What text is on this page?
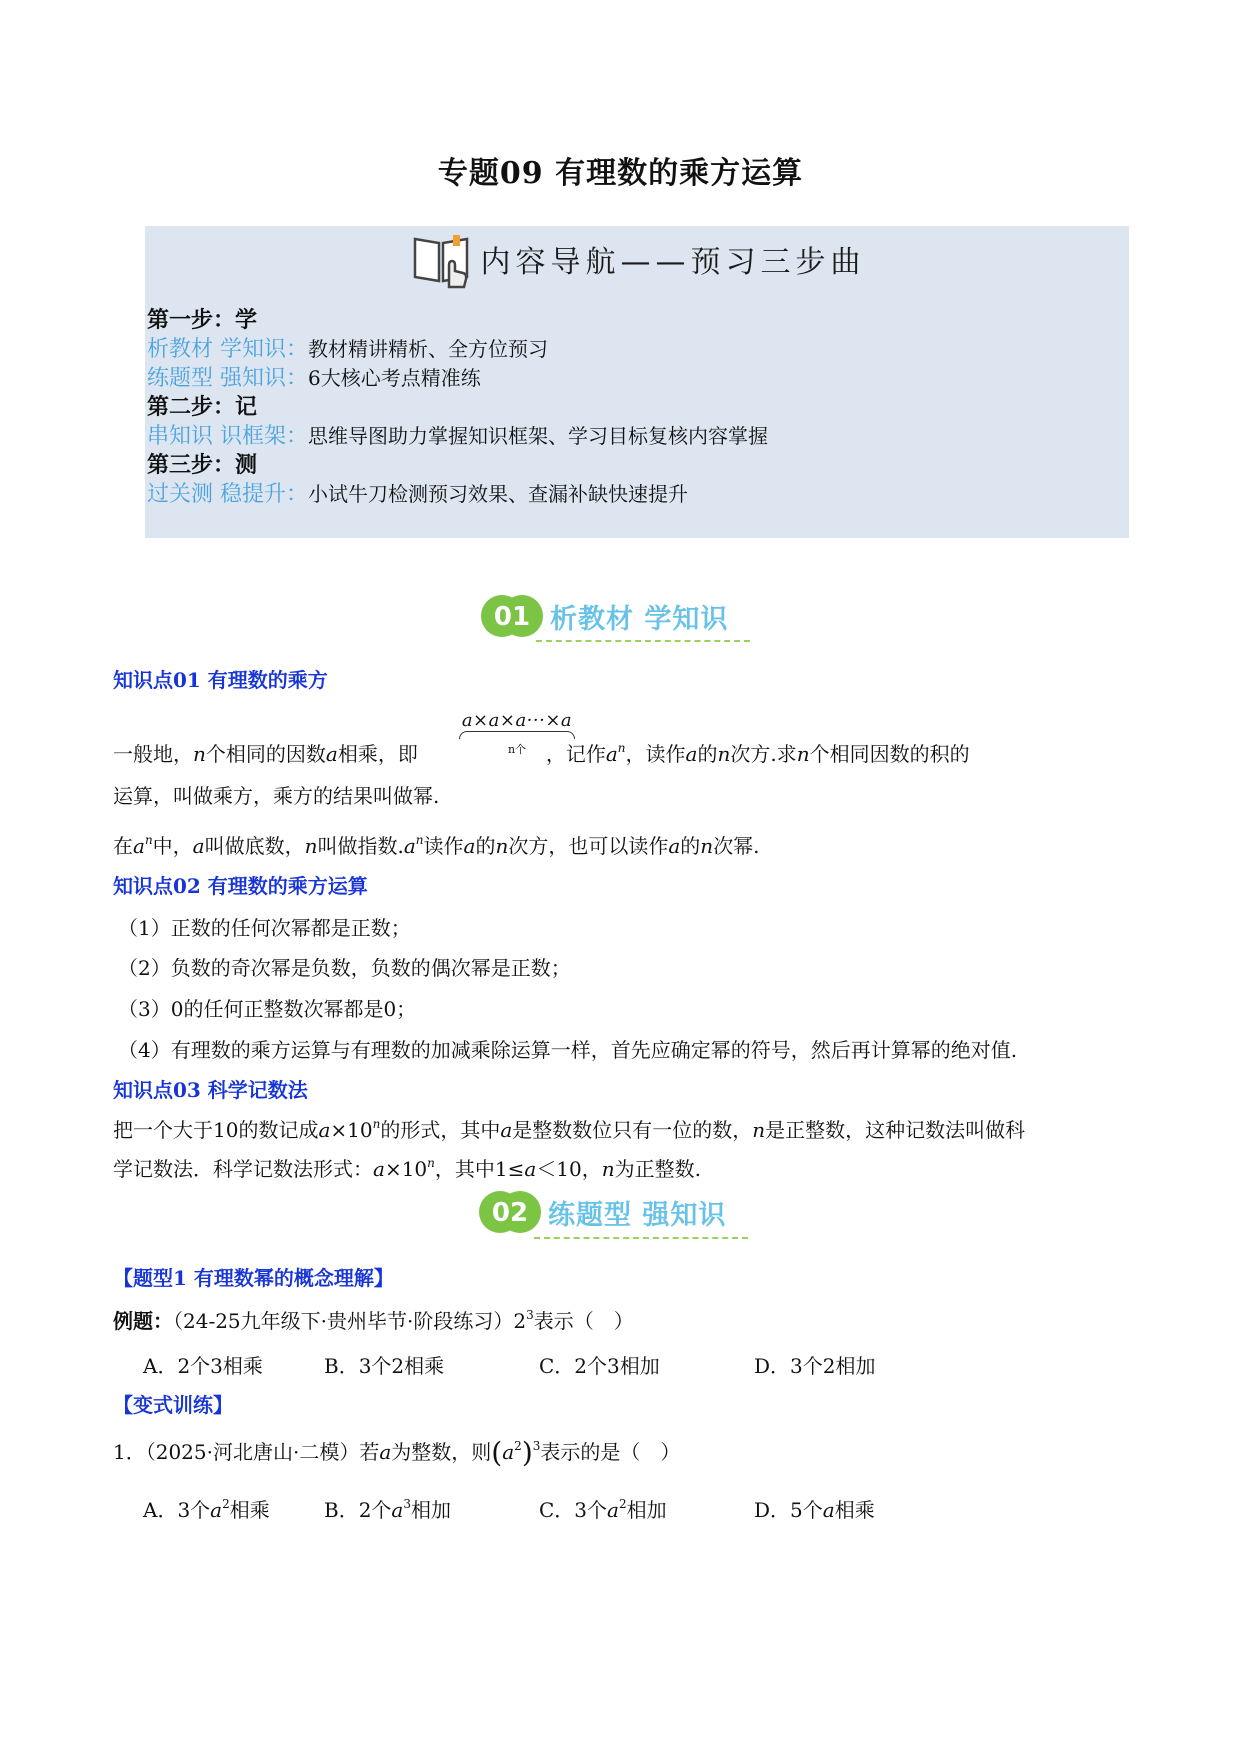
专题09 有理数的乘方运算
内容导航——预习三步曲
第一步：学
析教材 学知识：教材精讲精析、全方位预习
练题型 强知识：6大核心考点精准练
第二步：记
串知识 识框架：思维导图助力掌握知识框架、学习目标复核内容掌握
第三步：测
过关测 稳提升：小试牛刀检测预习效果、查漏补缺快速提升
01 析教材 学知识
知识点01 有理数的乘方
a×a×a···×a
n个
一般地，n个相同的因数a相乘，即	，记作$a^n$，读作a的n次方.求n个相同因数的积的
运算，叫做乘方，乘方的结果叫做幂.
在$a^n$中，a叫做底数，n叫做指数$.a^n$读作a的n次方，也可以读作a的n次幂.
知识点02 有理数的乘方运算
（1）正数的任何次幂都是正数；
（2）负数的奇次幂是负数，负数的偶次幂是正数；
（3）0的任何正整数次幂都是0；
（4）有理数的乘方运算与有理数的加减乘除运算一样，首先应确定幂的符号，然后再计算幂的绝对值.
知识点03 科学记数法
把一个大于10的数记成$a\times 10^n$的形式，其中a是整数数位只有一位的数，n是正整数，这种记数法叫做科
学记数法．科学记数法形式：$a\times 10^n$，其中1≤a＜10，n为正整数.
02 练题型 强知识
【题型1 有理数幂的概念理解】
例题：（24-25九年级下·贵州毕节·阶段练习）$2^3$表示（　）
A．2个3相乘	B．3个2相乘	C．2个3相加	D．3个2相加
【变式训练】
1．（2025·河北唐山·二模）若a为整数，则$(a^2)^3$表示的是（　）
A．3个$a^2$相乘	B．2个$a^3$相加	C．3个$a^2$相加	D．5个a相乘
